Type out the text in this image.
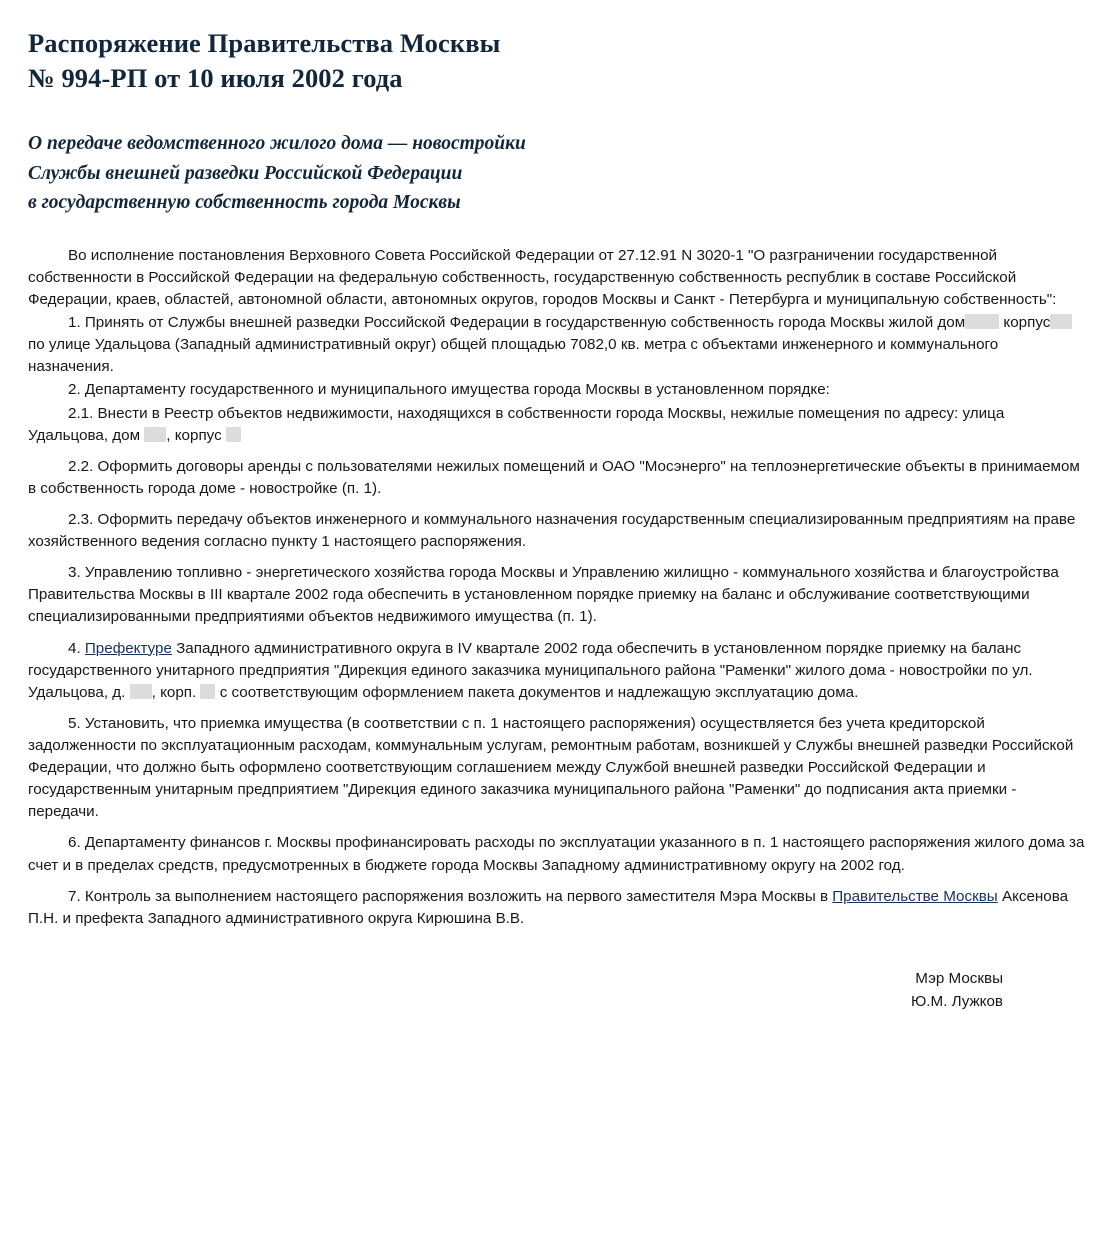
Распоряжение Правительства Москвы
№ 994-РП от 10 июля 2002 года
О передаче ведомственного жилого дома — новостройки
Службы внешней разведки Российской Федерации
в государственную собственность города Москвы

Во исполнение постановления Верховного Совета Российской Федерации от 27.12.91 N 3020-1 "О разграничении государственной собственности в Российской Федерации на федеральную собственность, государственную собственность республик в составе Российской Федерации, краев, областей, автономной области, автономных округов, городов Москвы и Санкт - Петербурга и муниципальную собственность":

1. Принять от Службы внешней разведки Российской Федерации в государственную собственность города Москвы жилой дом	корпус по улице Удальцова (Западный административный округ) общей площадью 7082,0 кв. метра с объектами инженерного и коммунального назначения.

2. Департаменту государственного и муниципального имущества города Москвы в установленном порядке:

2.1. Внести в Реестр объектов недвижимости, находящихся в собственности города Москвы, нежилые помещения по адресу: улица Удальцова, дом , корпус

2.2. Оформить договоры аренды с пользователями нежилых помещений и ОАО "Мосэнерго" на теплоэнергетические объекты в принимаемом в собственность города доме - новостройке (п. 1).

2.3. Оформить передачу объектов инженерного и коммунального назначения государственным специализированным предприятиям на праве хозяйственного ведения согласно пункту 1 настоящего распоряжения.

3. Управлению топливно - энергетического хозяйства города Москвы и Управлению жилищно - коммунального хозяйства и благоустройства Правительства Москвы в III квартале 2002 года обеспечить в установленном порядке приемку на баланс и обслуживание соответствующими специализированными предприятиями объектов недвижимого имущества (п. 1).

4. Префектуре Западного административного округа в IV квартале 2002 года обеспечить в установленном порядке приемку на баланс государственного унитарного предприятия "Дирекция единого заказчика муниципального района "Раменки" жилого дома - новостройки по ул. Удальцова, д. , корп. с соответствующим оформлением пакета документов и надлежащую эксплуатацию дома.

5. Установить, что приемка имущества (в соответствии с п. 1 настоящего распоряжения) осуществляется без учета кредиторской задолженности по эксплуатационным расходам, коммунальным услугам, ремонтным работам, возникшей у Службы внешней разведки Российской Федерации, что должно быть оформлено соответствующим соглашением между Службой внешней разведки Российской Федерации и государственным унитарным предприятием "Дирекция единого заказчика муниципального района "Раменки" до подписания акта приемки - передачи.

6. Департаменту финансов г. Москвы профинансировать расходы по эксплуатации указанного в п. 1 настоящего распоряжения жилого дома за счет и в пределах средств, предусмотренных в бюджете города Москвы Западному административному округу на 2002 год.

7. Контроль за выполнением настоящего распоряжения возложить на первого заместителя Мэра Москвы в Правительстве Москвы Аксенова П.Н. и префекта Западного административного округа Кирюшина В.В.

Мэр Москвы
Ю.М. Лужков
